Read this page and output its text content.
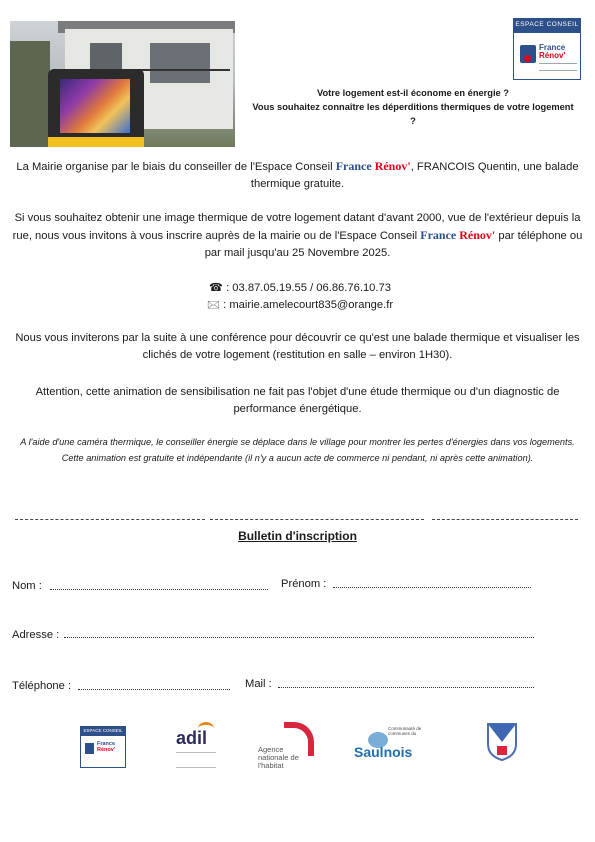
ESPACE CONSEIL
France
Rénov'
Votre logement est-il économe en énergie ?
Vous souhaitez connaître les déperditions thermiques de votre logement ?
La Mairie organise par le biais du conseiller de l'Espace Conseil France Rénov', FRANCOIS Quentin, une balade thermique gratuite.
Si vous souhaitez obtenir une image thermique de votre logement datant d'avant 2000, vue de l'extérieur depuis la rue, nous vous invitons à vous inscrire auprès de la mairie ou de l'Espace Conseil France Rénov' par téléphone ou par mail jusqu'au 25 Novembre 2025.
☎ : 03.87.05.19.55 / 06.86.76.10.73
🖂 : mairie.amelecourt835@orange.fr
Nous vous inviterons par la suite à une conférence pour découvrir ce qu'est une balade thermique et visualiser les clichés de votre logement (restitution en salle – environ 1H30).
Attention, cette animation de sensibilisation ne fait pas l'objet d'une étude thermique ou d'un diagnostic de performance énergétique.
A l'aide d'une caméra thermique, le conseiller énergie se déplace dans le village pour montrer les pertes d'énergies dans vos logements. Cette animation est gratuite et indépendante (il n'y a aucun acte de commerce ni pendant, ni après cette animation).
Bulletin d'inscription
Nom :	Prénom :
Adresse :
Téléphone :	Mail :
ESPACE CONSEIL
France
Rénov'
adil
Agence nationale de l'habitat
Communauté de communes du
Saulnois
